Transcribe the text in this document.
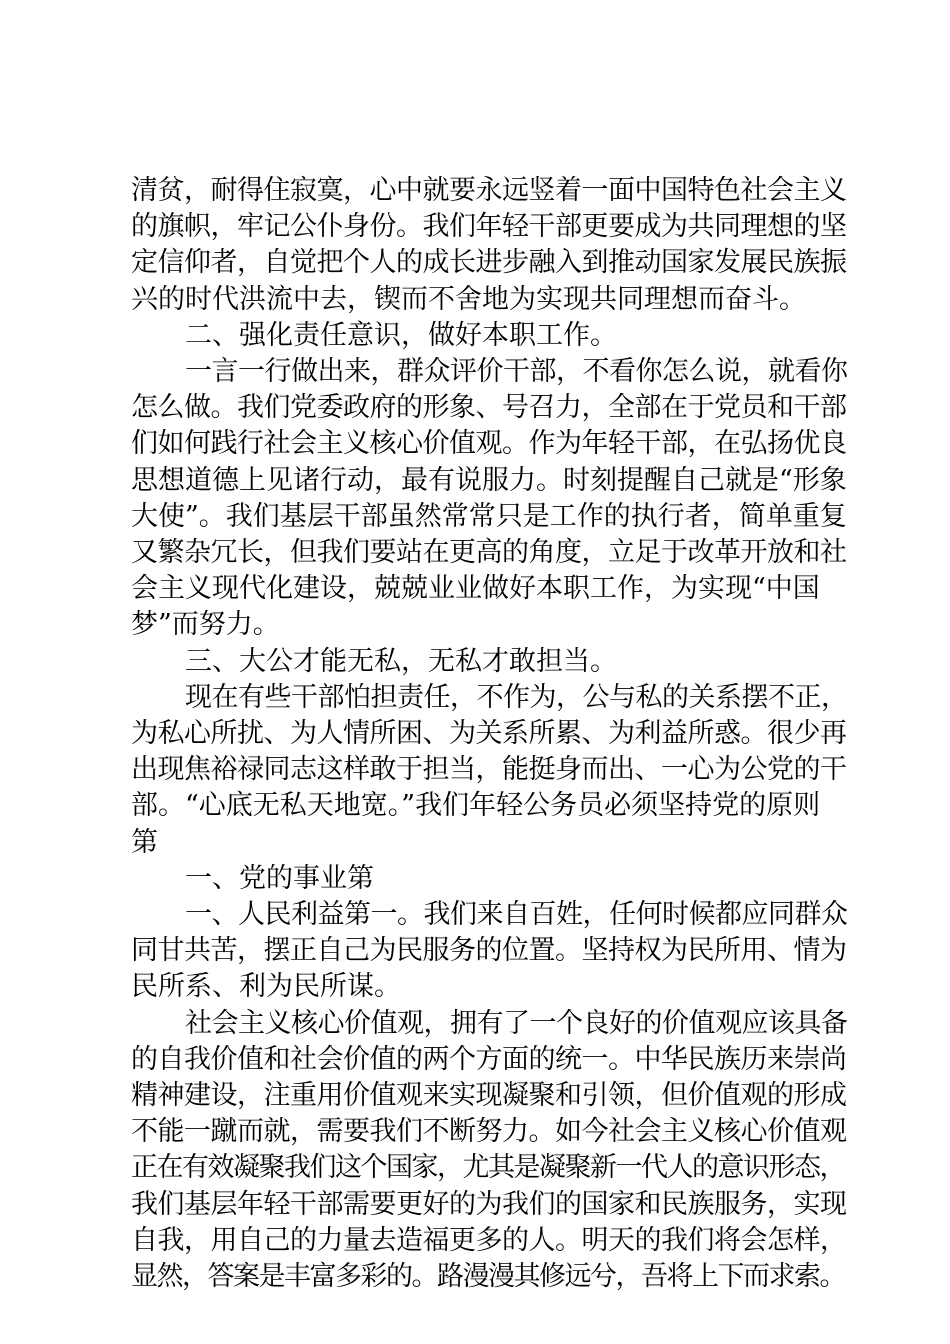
清贫，耐得住寂寞，心中就要永远竖着一面中国特色社会主义
的旗帜，牢记公仆身份。我们年轻干部更要成为共同理想的坚
定信仰者，自觉把个人的成长进步融入到推动国家发展民族振
兴的时代洪流中去，锲而不舍地为实现共同理想而奋斗。
二、强化责任意识，做好本职工作。
一言一行做出来，群众评价干部，不看你怎么说，就看你
怎么做。我们党委政府的形象、号召力，全部在于党员和干部
们如何践行社会主义核心价值观。作为年轻干部，在弘扬优良
思想道德上见诸行动，最有说服力。时刻提醒自己就是“形象
大使”。我们基层干部虽然常常只是工作的执行者，简单重复
又繁杂冗长，但我们要站在更高的角度，立足于改革开放和社
会主义现代化建设，兢兢业业做好本职工作，为实现“中国
梦”而努力。
三、大公才能无私，无私才敢担当。
现在有些干部怕担责任，不作为，公与私的关系摆不正，
为私心所扰、为人情所困、为关系所累、为利益所惑。很少再
出现焦裕禄同志这样敢于担当，能挺身而出、一心为公党的干
部。“心底无私天地宽。”我们年轻公务员必须坚持党的原则
第
一、党的事业第
一、人民利益第一。我们来自百姓，任何时候都应同群众
同甘共苦，摆正自己为民服务的位置。坚持权为民所用、情为
民所系、利为民所谋。
社会主义核心价值观，拥有了一个良好的价值观应该具备
的自我价值和社会价值的两个方面的统一。中华民族历来崇尚
精神建设，注重用价值观来实现凝聚和引领，但价值观的形成
不能一蹴而就，需要我们不断努力。如今社会主义核心价值观
正在有效凝聚我们这个国家，尤其是凝聚新一代人的意识形态，
我们基层年轻干部需要更好的为我们的国家和民族服务，实现
自我，用自己的力量去造福更多的人。明天的我们将会怎样，
显然，答案是丰富多彩的。路漫漫其修远兮，吾将上下而求索。
